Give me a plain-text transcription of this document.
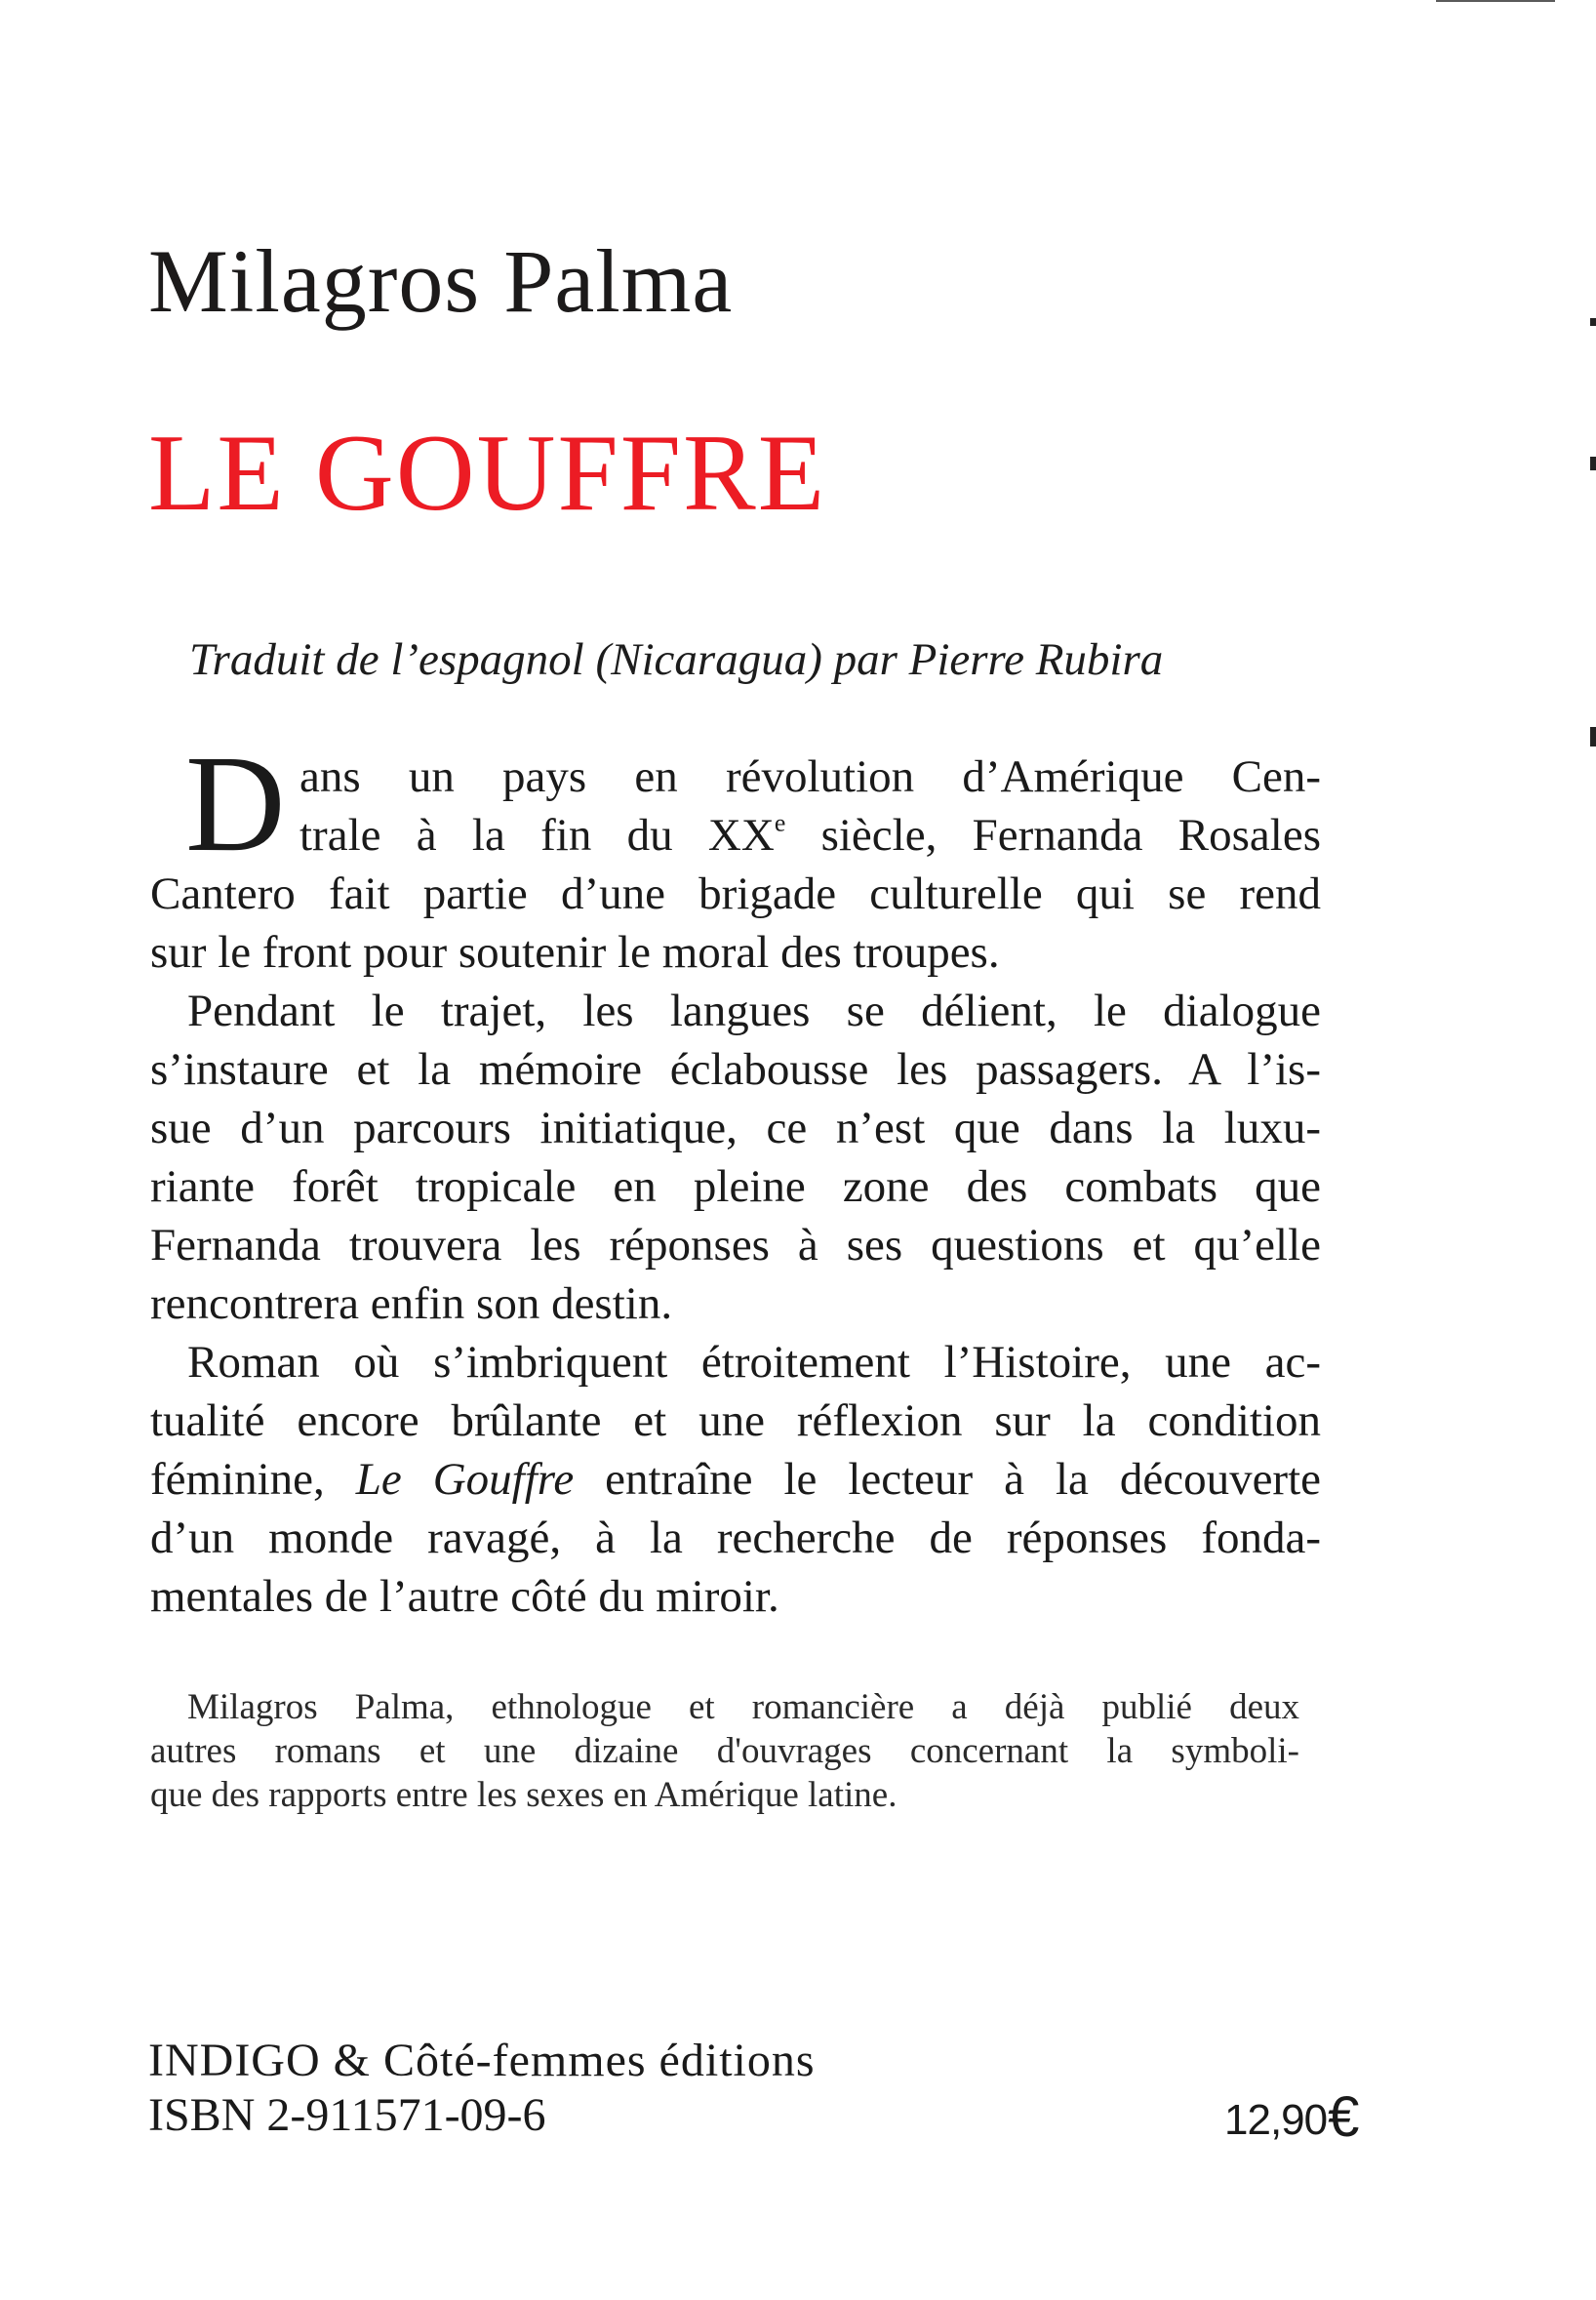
Milagros Palma
LE GOUFFRE
Traduit de l’espagnol (Nicaragua) par Pierre Rubira
D ans un pays en révolution d’Amérique Cen-
trale à la fin du XXe siècle, Fernanda Rosales
Cantero fait partie d’une brigade culturelle qui se rend
sur le front pour soutenir le moral des troupes.
Pendant le trajet, les langues se délient, le dialogue
s’instaure et la mémoire éclabousse les passagers. A l’is-
sue d’un parcours initiatique, ce n’est que dans la luxu-
riante forêt tropicale en pleine zone des combats que
Fernanda trouvera les réponses à ses questions et qu’elle
rencontrera enfin son destin.
Roman où s’imbriquent étroitement l’Histoire, une ac-
tualité encore brûlante et une réflexion sur la condition
féminine, Le Gouffre entraîne le lecteur à la découverte
d’un monde ravagé, à la recherche de réponses fonda-
mentales de l’autre côté du miroir.
Milagros Palma, ethnologue et romancière a déjà publié deux
autres romans et une dizaine d'ouvrages concernant la symboli-
que des rapports entre les sexes en Amérique latine.
INDIGO & Côté-femmes éditions
ISBN 2-911571-09-6	12,90€
